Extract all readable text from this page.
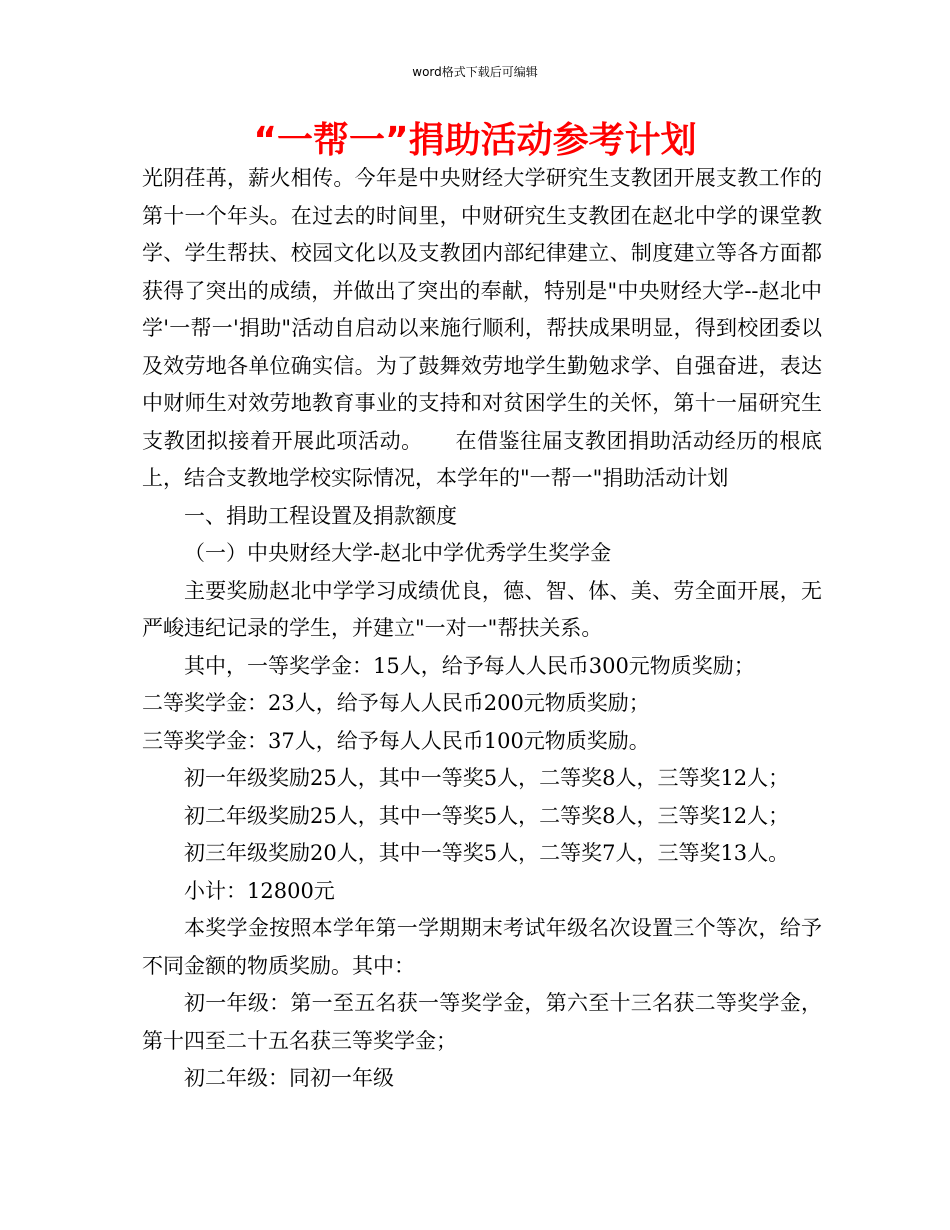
word格式下载后可编辑
“一帮一”捐助活动参考计划

光阴荏苒，薪火相传。今年是中央财经大学研究生支教团开展支教工作的第十一个年头。在过去的时间里，中财研究生支教团在赵北中学的课堂教学、学生帮扶、校园文化以及支教团内部纪律建立、制度建立等各方面都获得了突出的成绩，并做出了突出的奉献，特别是"中央财经大学--赵北中学'一帮一'捐助"活动自启动以来施行顺利，帮扶成果明显，得到校团委以及效劳地各单位确实信。为了鼓舞效劳地学生勤勉求学、自强奋进，表达中财师生对效劳地教育事业的支持和对贫困学生的关怀，第十一届研究生支教团拟接着开展此项活动。　　在借鉴往届支教团捐助活动经历的根底上，结合支教地学校实际情况，本学年的"一帮一"捐助活动计划

一、捐助工程设置及捐款额度

（一）中央财经大学-赵北中学优秀学生奖学金

主要奖励赵北中学学习成绩优良，德、智、体、美、劳全面开展，无严峻违纪记录的学生，并建立"一对一"帮扶关系。

其中，一等奖学金：15人，给予每人人民币300元物质奖励；

二等奖学金：23人，给予每人人民币200元物质奖励；

三等奖学金：37人，给予每人人民币100元物质奖励。

初一年级奖励25人，其中一等奖5人，二等奖8人，三等奖12人；

初二年级奖励25人，其中一等奖5人，二等奖8人，三等奖12人；

初三年级奖励20人，其中一等奖5人，二等奖7人，三等奖13人。

小计：12800元

本奖学金按照本学年第一学期期末考试年级名次设置三个等次，给予不同金额的物质奖励。其中：

初一年级：第一至五名获一等奖学金，第六至十三名获二等奖学金，第十四至二十五名获三等奖学金；

初二年级：同初一年级
